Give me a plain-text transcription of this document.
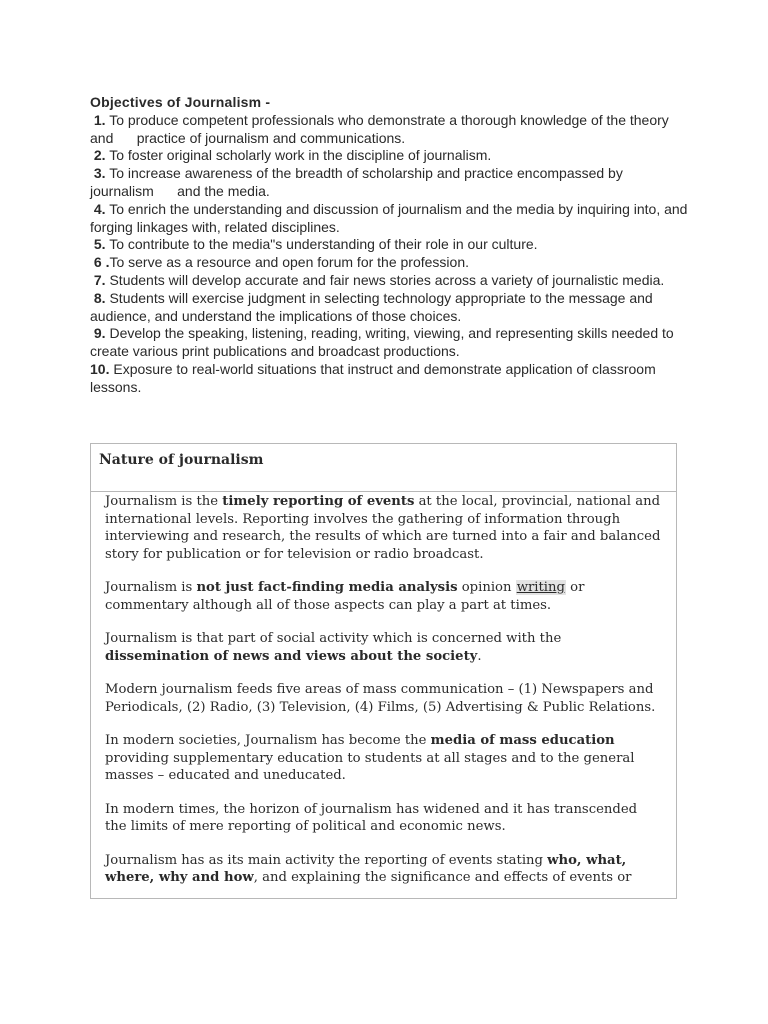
Objectives of Journalism -
1. To produce competent professionals who demonstrate a thorough knowledge of the theory and      practice of journalism and communications.
2. To foster original scholarly work in the discipline of journalism.
3. To increase awareness of the breadth of scholarship and practice encompassed by journalism      and the media.
4. To enrich the understanding and discussion of journalism and the media by inquiring into, and      forging linkages with, related disciplines.
5. To contribute to the media"s understanding of their role in our culture.
6 .To serve as a resource and open forum for the profession.
7. Students will develop accurate and fair news stories across a variety of journalistic media.
8. Students will exercise judgment in selecting technology appropriate to the message and      audience, and understand the implications of those choices.
9. Develop the speaking, listening, reading, writing, viewing, and representing skills needed to      create various print publications and broadcast productions.
10. Exposure to real-world situations that instruct and demonstrate application of classroom        lessons.
Nature of journalism

Journalism is the timely reporting of events at the local, provincial, national and international levels. Reporting involves the gathering of information through interviewing and research, the results of which are turned into a fair and balanced story for publication or for television or radio broadcast.

Journalism is not just fact-finding media analysis opinion writing or commentary although all of those aspects can play a part at times.

Journalism is that part of social activity which is concerned with the dissemination of news and views about the society.

Modern journalism feeds five areas of mass communication – (1) Newspapers and Periodicals, (2) Radio, (3) Television, (4) Films, (5) Advertising & Public Relations.

In modern societies, Journalism has become the media of mass education providing supplementary education to students at all stages and to the general masses – educated and uneducated.

In modern times, the horizon of journalism has widened and it has transcended the limits of mere reporting of political and economic news.

Journalism has as its main activity the reporting of events stating who, what, where, why and how, and explaining the significance and effects of events or
